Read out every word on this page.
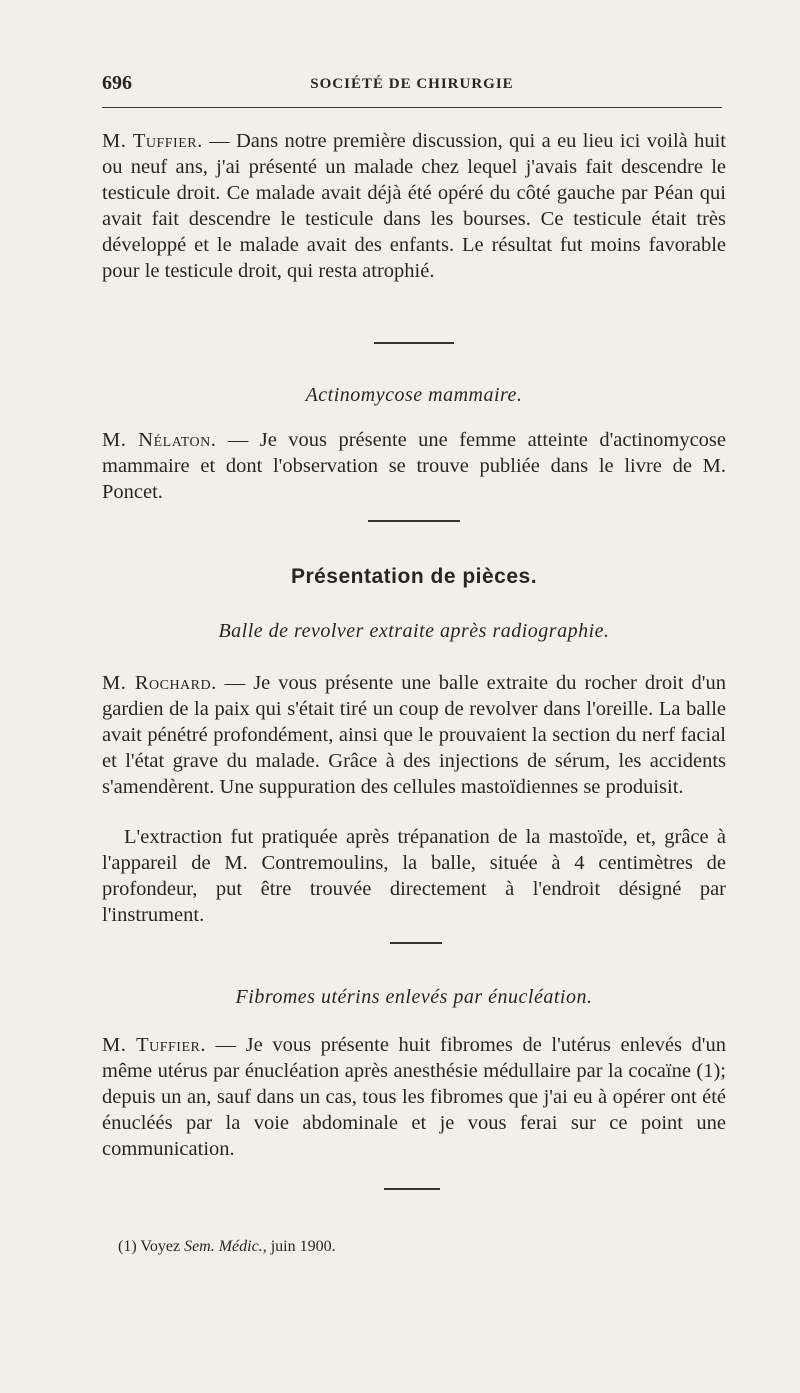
696	SOCIÉTÉ DE CHIRURGIE
M. Tuffier. — Dans notre première discussion, qui a eu lieu ici voilà huit ou neuf ans, j'ai présenté un malade chez lequel j'avais fait descendre le testicule droit. Ce malade avait déjà été opéré du côté gauche par Péan qui avait fait descendre le testicule dans les bourses. Ce testicule était très développé et le malade avait des enfants. Le résultat fut moins favorable pour le testicule droit, qui resta atrophié.
Actinomycose mammaire.
M. Nélaton. — Je vous présente une femme atteinte d'actinomycose mammaire et dont l'observation se trouve publiée dans le livre de M. Poncet.
Présentation de pièces.
Balle de revolver extraite après radiographie.
M. Rochard. — Je vous présente une balle extraite du rocher droit d'un gardien de la paix qui s'était tiré un coup de revolver dans l'oreille. La balle avait pénétré profondément, ainsi que le prouvaient la section du nerf facial et l'état grave du malade. Grâce à des injections de sérum, les accidents s'amendèrent. Une suppuration des cellules mastoïdiennes se produisit.
L'extraction fut pratiquée après trépanation de la mastoïde, et, grâce à l'appareil de M. Contremoulins, la balle, située à 4 centimètres de profondeur, put être trouvée directement à l'endroit désigné par l'instrument.
Fibromes utérins enlevés par énucléation.
M. Tuffier. — Je vous présente huit fibromes de l'utérus enlevés d'un même utérus par énucléation après anesthésie médullaire par la cocaïne (1); depuis un an, sauf dans un cas, tous les fibromes que j'ai eu à opérer ont été énucléés par la voie abdominale et je vous ferai sur ce point une communication.
(1) Voyez Sem. Médic., juin 1900.
